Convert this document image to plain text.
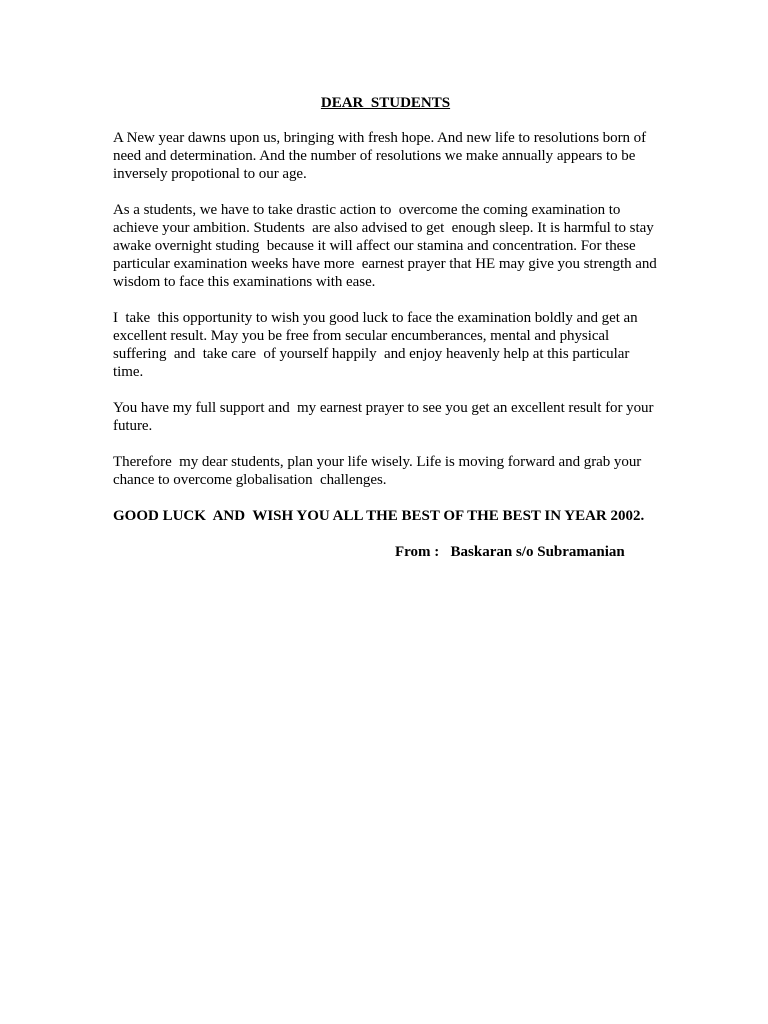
DEAR  STUDENTS

A New year dawns upon us, bringing with fresh hope. And new life to resolutions born of need and determination. And the number of resolutions we make annually appears to be inversely propotional to our age.

As a students, we have to take drastic action to  overcome the coming examination to achieve your ambition. Students  are also advised to get  enough sleep. It is harmful to stay awake overnight studing  because it will affect our stamina and concentration. For these particular examination weeks have more  earnest prayer that HE may give you strength and wisdom to face this examinations with ease.

I  take  this opportunity to wish you good luck to face the examination boldly and get an excellent result. May you be free from secular encumberances, mental and physical suffering  and  take care  of yourself happily  and enjoy heavenly help at this particular time.

You have my full support and  my earnest prayer to see you get an excellent result for your future.

Therefore  my dear students, plan your life wisely. Life is moving forward and grab your chance to overcome globalisation  challenges.

GOOD LUCK  AND  WISH YOU ALL THE BEST OF THE BEST IN YEAR 2002.

From :   Baskaran s/o Subramanian
